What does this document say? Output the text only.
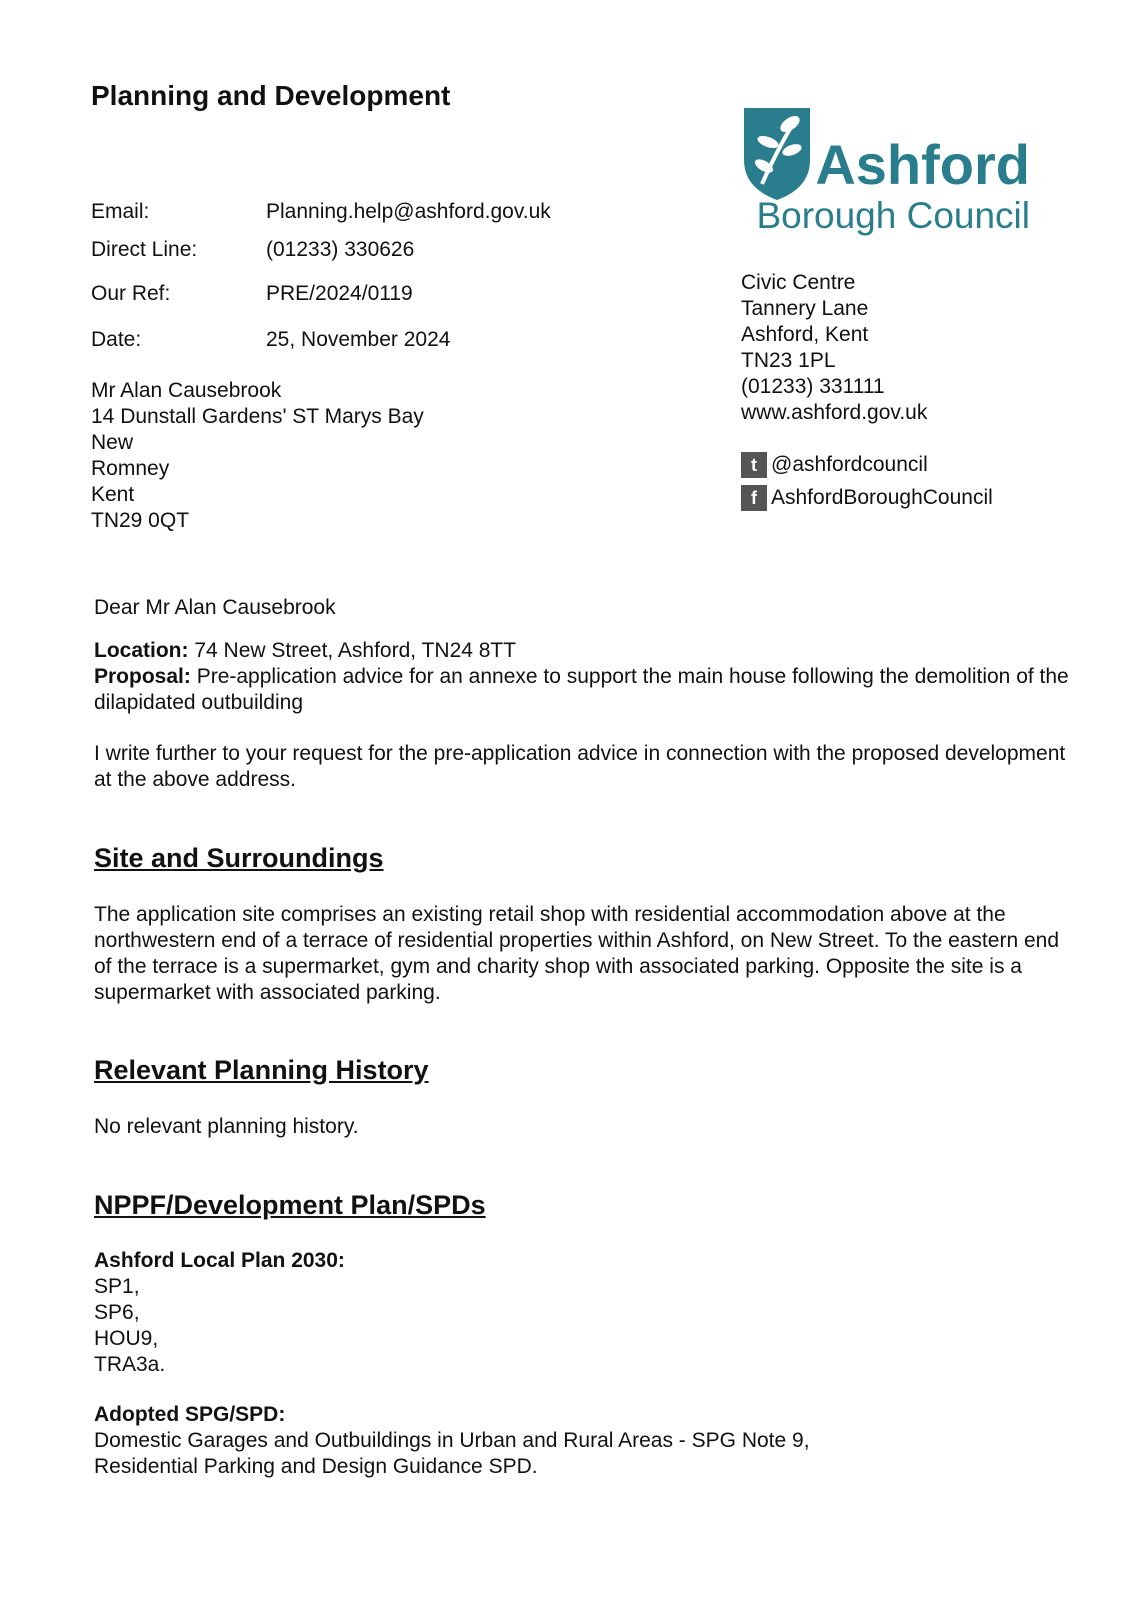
Planning and Development
Email:	Planning.help@ashford.gov.uk
Direct Line:	(01233) 330626
Our Ref:	PRE/2024/0119
Date:	25, November 2024
Mr Alan Causebrook
14 Dunstall Gardens' ST Marys Bay
New
Romney
Kent
TN29 0QT
Ashford
Borough Council
Civic Centre
Tannery Lane
Ashford, Kent
TN23 1PL
(01233) 331111
www.ashford.gov.uk
t @ashfordcouncil
f AshfordBoroughCouncil
Dear Mr Alan Causebrook
Location: 74 New Street, Ashford, TN24 8TT
Proposal: Pre-application advice for an annexe to support the main house following the demolition of the dilapidated outbuilding
I write further to your request for the pre-application advice in connection with the proposed development at the above address.
Site and Surroundings
The application site comprises an existing retail shop with residential accommodation above at the northwestern end of a terrace of residential properties within Ashford, on New Street. To the eastern end of the terrace is a supermarket, gym and charity shop with associated parking. Opposite the site is a supermarket with associated parking.
Relevant Planning History
No relevant planning history.
NPPF/Development Plan/SPDs
Ashford Local Plan 2030:
SP1,
SP6,
HOU9,
TRA3a.
Adopted SPG/SPD:
Domestic Garages and Outbuildings in Urban and Rural Areas - SPG Note 9,
Residential Parking and Design Guidance SPD.
